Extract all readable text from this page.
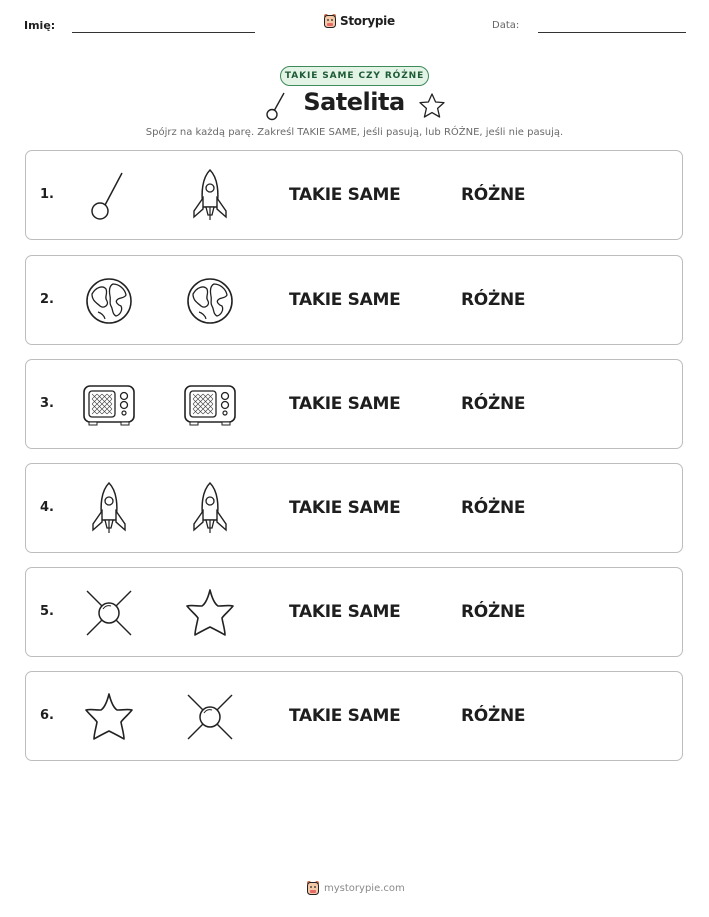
Imię:	Storypie	Data:
TAKIE SAME CZY RÓŻNE
Satelita
Spójrz na każdą parę. Zakreśl TAKIE SAME, jeśli pasują, lub RÓŻNE, jeśli nie pasują.
1.	TAKIE SAME	RÓŻNE
2.	TAKIE SAME	RÓŻNE
3.	TAKIE SAME	RÓŻNE
4.	TAKIE SAME	RÓŻNE
5.	TAKIE SAME	RÓŻNE
6.	TAKIE SAME	RÓŻNE
mystorypie.com
